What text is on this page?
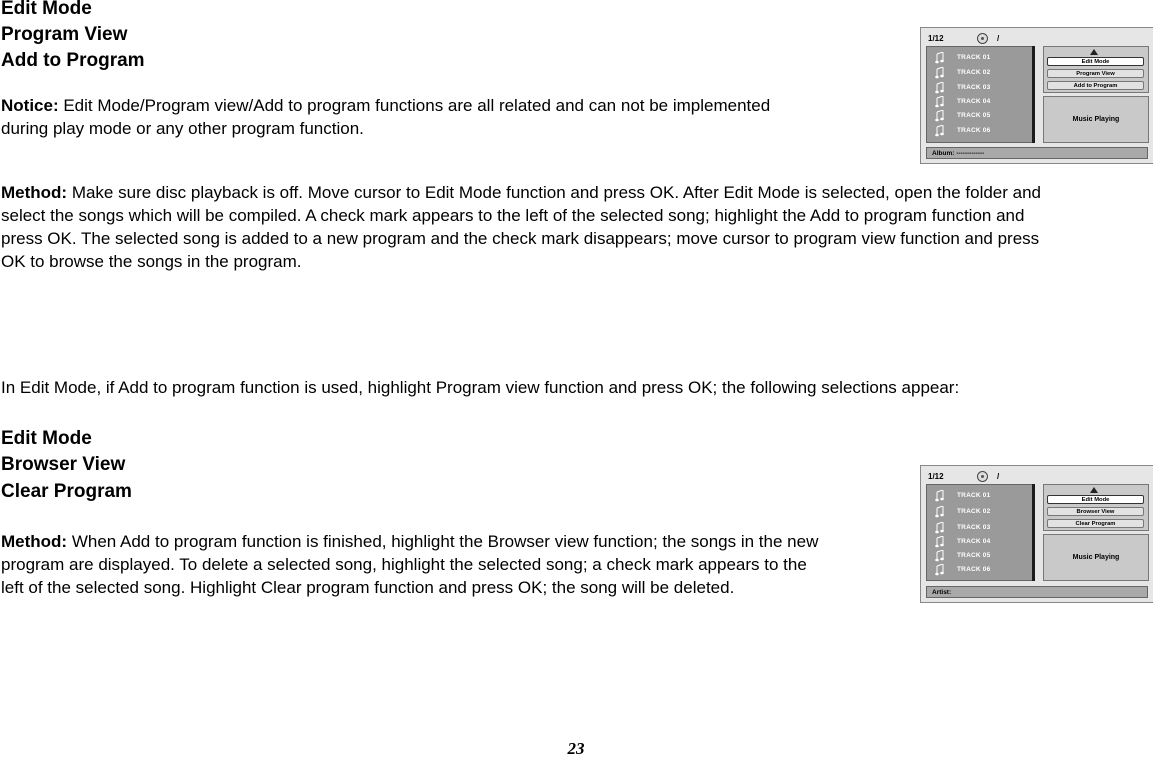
Edit Mode
Program View
Add to Program
Notice: Edit Mode/Program view/Add to program functions are all related and can not be implemented
during play mode or any other program function.
Method: Make sure disc playback is off. Move cursor to Edit Mode function and press OK. After Edit Mode is selected, open the folder and
select the songs which will be compiled. A check mark appears to the left of the selected song; highlight the Add to program function and
press OK. The selected song is added to a new program and the check mark disappears; move cursor to program view function and press
OK to browse the songs in the program.
In Edit Mode, if Add to program function is used, highlight Program view function and press OK; the following selections appear:
Edit Mode
Browser View
Clear Program
Method: When Add to program function is finished, highlight the Browser view function; the songs in the new
program are displayed. To delete a selected song, highlight the selected song; a check mark appears to the
left of the selected song. Highlight Clear program function and press OK; the song will be deleted.
1/12	/
TRACK 01
TRACK 02
TRACK 03
TRACK 04
TRACK 05
TRACK 06
Edit Mode
Program View
Add to Program
Music Playing
Album: -------------
1/12	/
TRACK 01
TRACK 02
TRACK 03
TRACK 04
TRACK 05
TRACK 06
Edit Mode
Browser View
Clear Program
Music Playing
Artist:
23
